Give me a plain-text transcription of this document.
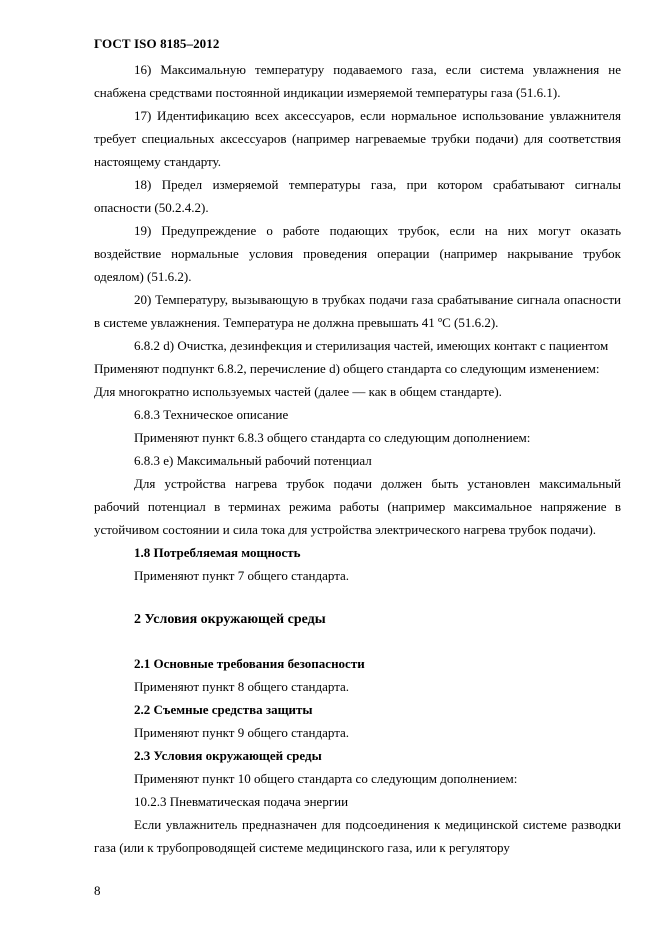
ГОСТ ISO 8185–2012

16) Максимальную температуру подаваемого газа, если система увлажнения не снабжена средствами постоянной индикации измеряемой температуры газа (51.6.1).

17) Идентификацию всех аксессуаров, если нормальное использование увлажнителя требует специальных аксессуаров (например нагреваемые трубки подачи) для соответствия настоящему стандарту.

18) Предел измеряемой температуры газа, при котором срабатывают сигналы опасности (50.2.4.2).

19) Предупреждение о работе подающих трубок, если на них могут оказать воздействие нормальные условия проведения операции (например накрывание трубок одеялом) (51.6.2).

20) Температуру, вызывающую в трубках подачи газа срабатывание сигнала опасности в системе увлажнения. Температура не должна превышать 41 ºС (51.6.2).

6.8.2 d) Очистка, дезинфекция и стерилизация частей, имеющих контакт с пациентом

Применяют подпункт 6.8.2, перечисление d) общего стандарта со следующим изменением:

Для многократно используемых частей (далее — как в общем стандарте).

6.8.3 Техническое описание

Применяют пункт 6.8.3 общего стандарта со следующим дополнением:

6.8.3 е) Максимальный рабочий потенциал

Для устройства нагрева трубок подачи должен быть установлен максимальный рабочий потенциал в терминах режима работы (например максимальное напряжение в устойчивом состоянии и сила тока для устройства электрического нагрева трубок подачи).

1.8 Потребляемая мощность

Применяют пункт 7 общего стандарта.

2 Условия окружающей среды

2.1 Основные требования безопасности

Применяют пункт 8 общего стандарта.

2.2 Съемные средства защиты

Применяют пункт 9 общего стандарта.

2.3 Условия окружающей среды

Применяют пункт 10 общего стандарта со следующим дополнением:

10.2.3 Пневматическая подача энергии

Если увлажнитель предназначен для подсоединения к медицинской системе разводки газа (или к трубопроводящей системе медицинского газа, или к регулятору

8
